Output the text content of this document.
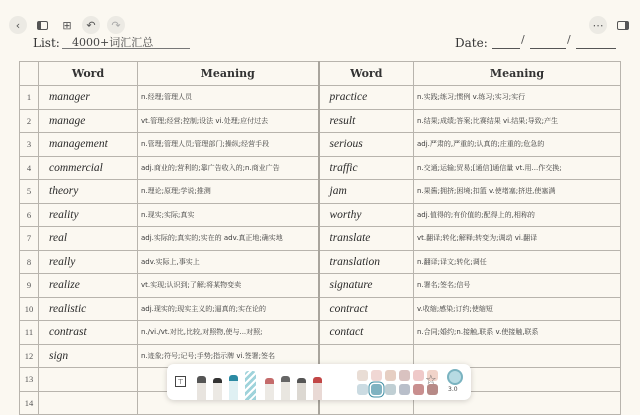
‹	⊞ ↶ ↷	⋯
List:	4000+词汇汇总	Date:	/	/
	Word	Meaning	Word	Meaning
1	manager	n.经理;管理人员	practice	n.实践;练习;惯例 v.练习;实习;实行
2	manage	vt.管理;经营;控制;设法 vi.处理;应付过去	result	n.结果;成绩;答案;比赛结果 vi.结果;导致;产生
3	management	n.管理;管理人员;管理部门;操纵;经营手段	serious	adj.严肃的,严重的;认真的;庄重的;危急的
4	commercial	adj.商业的;营利的;靠广告收入的;n.商业广告	traffic	n.交通;运输;贸易;[通信]通信量 vt.用...作交换;
5	theory	n.理论;原理;学说;推测	jam	n.果酱;拥挤;困境;扣篮 v.使堵塞;挤进,使塞满
6	reality	n.现实;实际;真实	worthy	adj.值得的;有价值的;配得上的,相称的
7	real	adj.实际的;真实的;实在的 adv.真正地;确实地	translate	vt.翻译;转化;解释;转变为;调动 vi.翻译
8	really	adv.实际上,事实上	translation	n.翻译;译文;转化;调任
9	realize	vt.实现;认识到;了解;将某物变卖	signature	n.署名;签名;信号
10	realistic	adj.现实的;现实主义的;逼真的;实在论的	contract	v.收缩;感染;订约;使缩短
11	contrast	n./vi./vt.对比,比较,对照物,使与...对照;	contact	n.合同;婚约;n.接触,联系 v.使接触,联系
12	sign	n.迹象;符号;记号;手势;指示牌 vi.签署;签名		
13				
14				
⊤	☆
3.0
